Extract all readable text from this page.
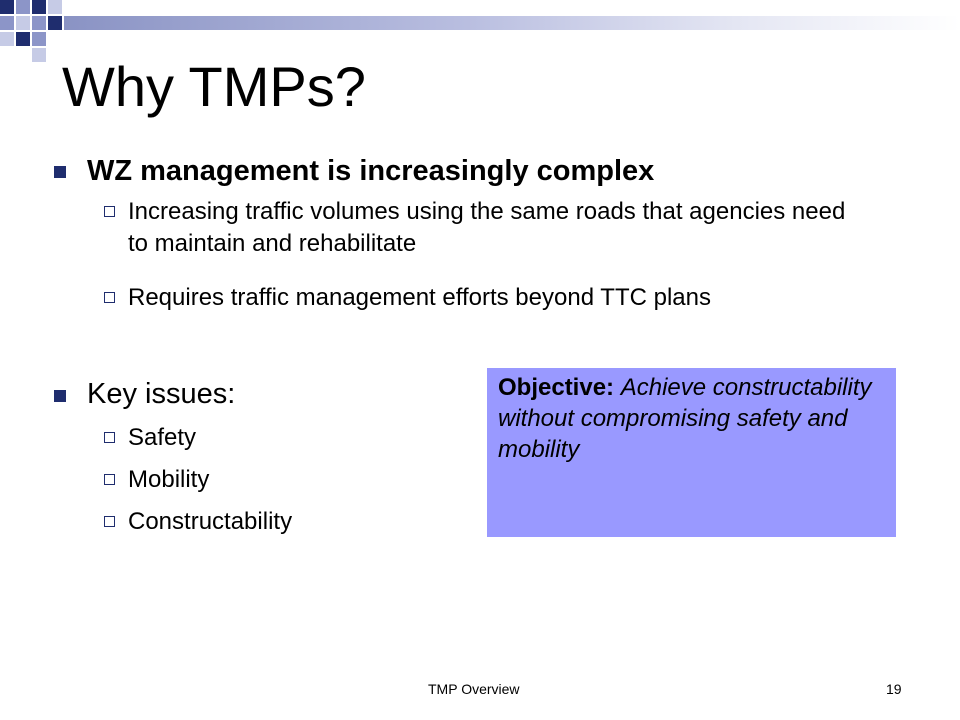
Why TMPs?
WZ management is increasingly complex
Increasing traffic volumes using the same roads that agencies need to maintain and rehabilitate
Requires traffic management efforts beyond TTC plans
Key issues:
Safety
Mobility
Constructability
Objective: Achieve constructability without compromising safety and mobility
TMP Overview	19
